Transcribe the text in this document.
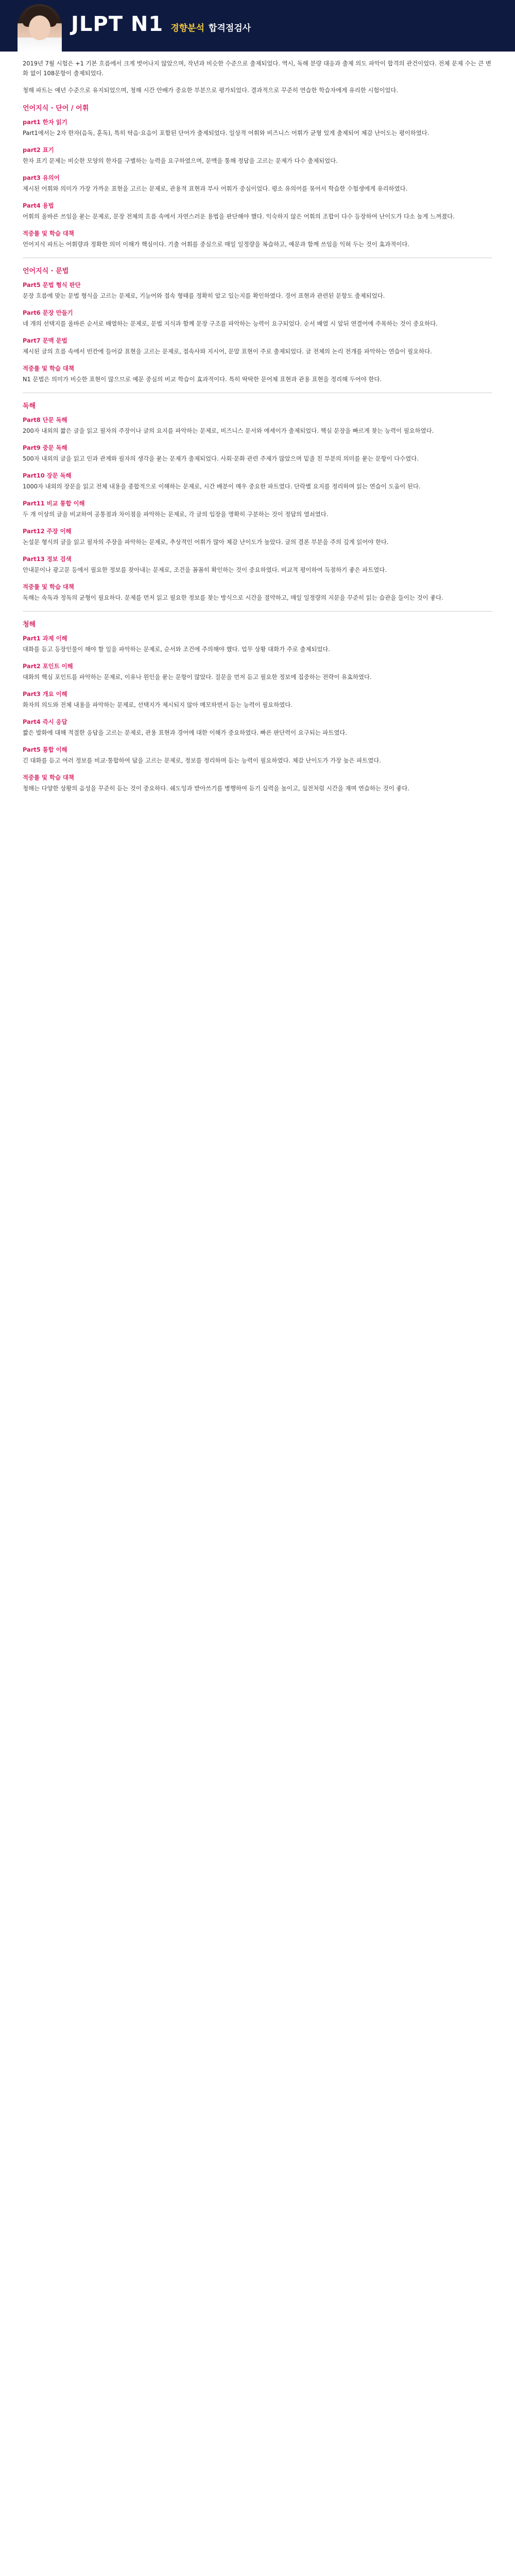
JLPT N1 경향분석 합격점검사

2019년 7월 시험은 +1 기본 흐름에서 크게 벗어나지 않았으며, 작년과 비슷한 수준으로 출제되었다. 역시, 독해 분량 대응과 출제 의도 파악이 합격의 관건이었다. 전체 문제 수는 큰 변화 없이 108문항이 출제되었다.

청해 파트는 예년 수준으로 유지되었으며, 청해 시간 안배가 중요한 부분으로 평가되었다. 결과적으로 꾸준히 연습한 학습자에게 유리한 시험이었다.

언어지식 · 단어 / 어휘
part1 한자 읽기

Part1에서는 2자 한자(음독, 훈독), 특히 탁음·요음이 포함된 단어가 출제되었다. 일상적 어휘와 비즈니스 어휘가 균형 있게 출제되어 체감 난이도는 평이하였다.

part2 표기

한자 표기 문제는 비슷한 모양의 한자를 구별하는 능력을 요구하였으며, 문맥을 통해 정답을 고르는 문제가 다수 출제되었다.

part3 유의어

제시된 어휘와 의미가 가장 가까운 표현을 고르는 문제로, 관용적 표현과 부사 어휘가 중심이었다. 평소 유의어를 묶어서 학습한 수험생에게 유리하였다.

Part4 용법

어휘의 올바른 쓰임을 묻는 문제로, 문장 전체의 흐름 속에서 자연스러운 용법을 판단해야 했다. 익숙하지 않은 어휘의 조합이 다수 등장하여 난이도가 다소 높게 느껴졌다.

적중률 및 학습 대책

언어지식 파트는 어휘량과 정확한 의미 이해가 핵심이다. 기출 어휘를 중심으로 매일 일정량을 복습하고, 예문과 함께 쓰임을 익혀 두는 것이 효과적이다.

언어지식 · 문법
Part5 문법 형식 판단

문장 흐름에 맞는 문법 형식을 고르는 문제로, 기능어와 접속 형태를 정확히 알고 있는지를 확인하였다. 경어 표현과 관련된 문항도 출제되었다.

Part6 문장 만들기

네 개의 선택지를 올바른 순서로 배열하는 문제로, 문법 지식과 함께 문장 구조를 파악하는 능력이 요구되었다. 순서 배열 시 앞뒤 연결어에 주목하는 것이 중요하다.

Part7 문맥 문법

제시된 글의 흐름 속에서 빈칸에 들어갈 표현을 고르는 문제로, 접속사와 지시어, 문말 표현이 주로 출제되었다. 글 전체의 논리 전개를 파악하는 연습이 필요하다.

적중률 및 학습 대책

N1 문법은 의미가 비슷한 표현이 많으므로 예문 중심의 비교 학습이 효과적이다. 특히 딱딱한 문어체 표현과 관용 표현을 정리해 두어야 한다.

독해
Part8 단문 독해

200자 내외의 짧은 글을 읽고 필자의 주장이나 글의 요지를 파악하는 문제로, 비즈니스 문서와 에세이가 출제되었다. 핵심 문장을 빠르게 찾는 능력이 필요하였다.

Part9 중문 독해

500자 내외의 글을 읽고 인과 관계와 필자의 생각을 묻는 문제가 출제되었다. 사회·문화 관련 주제가 많았으며 밑줄 친 부분의 의미를 묻는 문항이 다수였다.

Part10 장문 독해

1000자 내외의 장문을 읽고 전체 내용을 종합적으로 이해하는 문제로, 시간 배분이 매우 중요한 파트였다. 단락별 요지를 정리하며 읽는 연습이 도움이 된다.

Part11 비교 통합 이해

두 개 이상의 글을 비교하여 공통점과 차이점을 파악하는 문제로, 각 글의 입장을 명확히 구분하는 것이 정답의 열쇠였다.

Part12 주장 이해

논설문 형식의 글을 읽고 필자의 주장을 파악하는 문제로, 추상적인 어휘가 많아 체감 난이도가 높았다. 글의 결론 부분을 주의 깊게 읽어야 한다.

Part13 정보 검색

안내문이나 광고문 등에서 필요한 정보를 찾아내는 문제로, 조건을 꼼꼼히 확인하는 것이 중요하였다. 비교적 평이하여 득점하기 좋은 파트였다.

적중률 및 학습 대책

독해는 속독과 정독의 균형이 필요하다. 문제를 먼저 읽고 필요한 정보를 찾는 방식으로 시간을 절약하고, 매일 일정량의 지문을 꾸준히 읽는 습관을 들이는 것이 좋다.

청해
Part1 과제 이해

대화를 듣고 등장인물이 해야 할 일을 파악하는 문제로, 순서와 조건에 주의해야 했다. 업무 상황 대화가 주로 출제되었다.

Part2 포인트 이해

대화의 핵심 포인트를 파악하는 문제로, 이유나 원인을 묻는 문항이 많았다. 질문을 먼저 듣고 필요한 정보에 집중하는 전략이 유효하였다.

Part3 개요 이해

화자의 의도와 전체 내용을 파악하는 문제로, 선택지가 제시되지 않아 메모하면서 듣는 능력이 필요하였다.

Part4 즉시 응답

짧은 발화에 대해 적절한 응답을 고르는 문제로, 관용 표현과 경어에 대한 이해가 중요하였다. 빠른 판단력이 요구되는 파트였다.

Part5 통합 이해

긴 대화를 듣고 여러 정보를 비교·통합하여 답을 고르는 문제로, 정보를 정리하며 듣는 능력이 필요하였다. 체감 난이도가 가장 높은 파트였다.

적중률 및 학습 대책

청해는 다양한 상황의 음성을 꾸준히 듣는 것이 중요하다. 쉐도잉과 받아쓰기를 병행하여 듣기 실력을 높이고, 실전처럼 시간을 재며 연습하는 것이 좋다.
